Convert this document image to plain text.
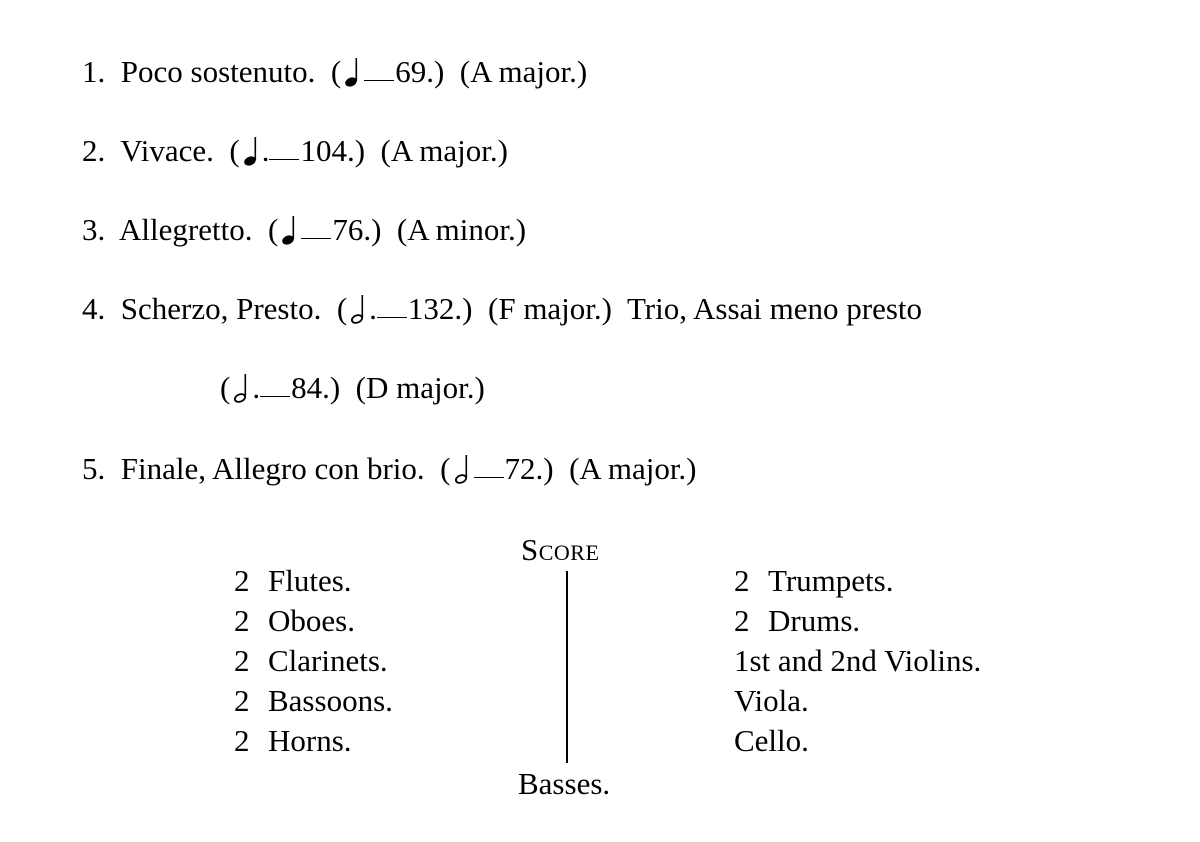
1. Poco sostenuto. ( 69.) (A major.)
2. Vivace. ( . 104.) (A major.)
3. Allegretto. ( 76.) (A minor.)
4. Scherzo, Presto. ( . 132.) (F major.) Trio, Assai meno presto
( . 84.) (D major.)
5. Finale, Allegro con brio. ( 72.) (A major.)
Score
2 Flutes.
2 Oboes.
2 Clarinets.
2 Bassoons.
2 Horns.
2 Trumpets.
2 Drums.
1st and 2nd Violins.
Viola.
Cello.
Basses.
